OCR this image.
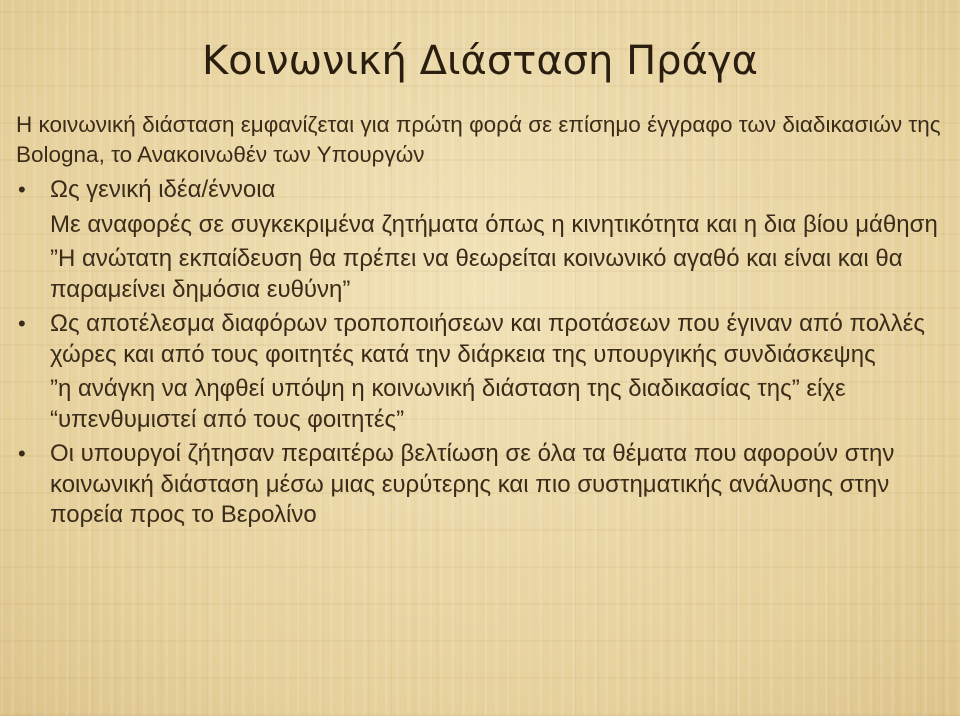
Κοινωνική Διάσταση Πράγα

Η κοινωνική διάσταση εμφανίζεται για πρώτη φορά σε επίσημο έγγραφο των διαδικασιών της Bologna, το Ανακοινωθέν των Υπουργών

• Ως γενική ιδέα/έννοια

Με αναφορές σε συγκεκριμένα ζητήματα όπως η κινητικότητα και η δια βίου μάθηση

”Η ανώτατη εκπαίδευση θα πρέπει να θεωρείται κοινωνικό αγαθό και είναι και θα παραμείνει δημόσια ευθύνη”

• Ως αποτέλεσμα διαφόρων τροποποιήσεων και προτάσεων που έγιναν από πολλές χώρες και από τους φοιτητές κατά την διάρκεια της υπουργικής συνδιάσκεψης

”η ανάγκη να ληφθεί υπόψη η κοινωνική διάσταση της διαδικασίας της” είχε “υπενθυμιστεί από τους φοιτητές”

• Οι υπουργοί ζήτησαν περαιτέρω βελτίωση σε όλα τα θέματα που αφορούν στην κοινωνική διάσταση μέσω μιας ευρύτερης και πιο συστηματικής ανάλυσης στην πορεία προς το Βερολίνο
